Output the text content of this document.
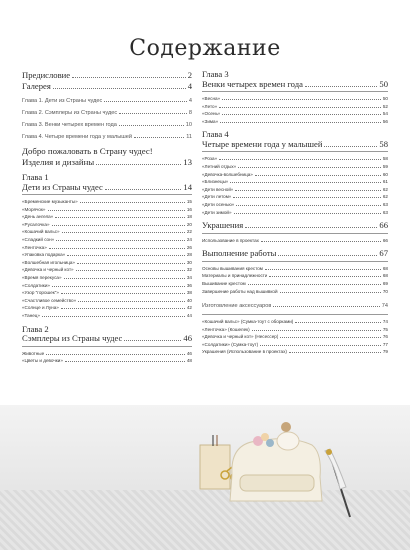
Содержание
Предисловие	2
Галерея	4
Глава 1. Дети из Страны чудес	4
Глава 2. Сэмплеры из Страны чудес	8
Глава 3. Венки четырех времен года	10
Глава 4. Четыре времени года у малышей	11
Добро пожаловать в Страну чудес!
Изделия и дизайны	13
Глава 1
Дети из Страны чудес	14
«Бременские музыканты»	15
«Морячок»	16
«День ангела»	18
«Русалочка»	20
«Кошачий вальс»	22
«Сладкий сон»	24
«Ленточка»	26
«Упаковка подарка»	28
«Волшебная игольница»	30
«Девочка и черный кот»	32
«Время перекуса»	34
«Солдатики»	36
«Узор "горошек"»	38
«Счастливое семейство»	40
«Солнце и Луна»	42
«Танец»	44
Глава 2
Сэмплеры из Страны чудес	46
Животные	46
«Цветы и девочки»	48
Глава 3
Венки четырех времен года	50
«Весна»	50
«Лето»	52
«Осень»	54
«Зима»	56
Глава 4
Четыре времени года у малышей	58
«Роза»	58
«Летний отдых»	59
«Девочка-волшебница»	60
«Близнецы»	61
«Дети весной»	62
«Дети летом»	62
«Дети осенью»	63
«Дети зимой»	63
Украшения	66
Использование в проектах	66
Выполнение работы	67
Основы вышивания крестом	68
Материалы и принадлежности	68
Вышивание крестом	69
Завершение работы над вышивкой	70
Изготовление аксессуаров	74
«Кошачий вальс» (Сумка-тоут с оборками)	74
«Ленточка» (Кошелек)	75
«Девочка и черный кот» (Несессер)	76
«Солдатики» (Сумка-тоут)	77
Украшения (Использование в проектах)	79
